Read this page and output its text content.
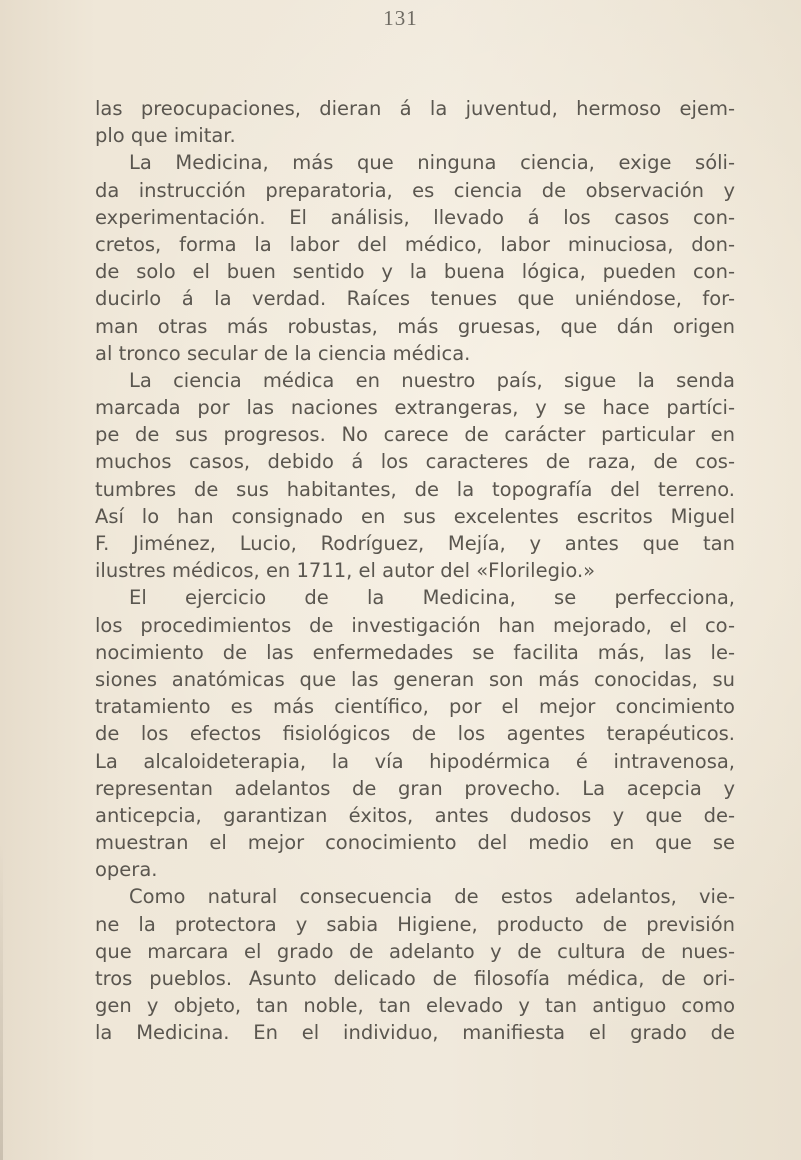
131
las preocupaciones, dieran á la juventud, hermoso ejem-
plo que imitar.
La Medicina, más que ninguna ciencia, exige sóli-
da instrucción preparatoria, es ciencia de observación y
experimentación. El análisis, llevado á los casos con-
cretos, forma la labor del médico, labor minuciosa, don-
de solo el buen sentido y la buena lógica, pueden con-
ducirlo á la verdad. Raíces tenues que uniéndose, for-
man otras más robustas, más gruesas, que dán origen
al tronco secular de la ciencia médica.
La ciencia médica en nuestro país, sigue la senda
marcada por las naciones extrangeras, y se hace partíci-
pe de sus progresos. No carece de carácter particular en
muchos casos, debido á los caracteres de raza, de cos-
tumbres de sus habitantes, de la topografía del terreno.
Así lo han consignado en sus excelentes escritos Miguel
F. Jiménez, Lucio, Rodríguez, Mejía, y antes que tan
ilustres médicos, en 1711, el autor del «Florilegio.»
El ejercicio de la Medicina, se perfecciona,
los procedimientos de investigación han mejorado, el co-
nocimiento de las enfermedades se facilita más, las le-
siones anatómicas que las generan son más conocidas, su
tratamiento es más científico, por el mejor concimiento
de los efectos fisiológicos de los agentes terapéuticos.
La alcaloideterapia, la vía hipodérmica é intravenosa,
representan adelantos de gran provecho. La acepcia y
anticepcia, garantizan éxitos, antes dudosos y que de-
muestran el mejor conocimiento del medio en que se
opera.
Como natural consecuencia de estos adelantos, vie-
ne la protectora y sabia Higiene, producto de previsión
que marcara el grado de adelanto y de cultura de nues-
tros pueblos. Asunto delicado de filosofía médica, de ori-
gen y objeto, tan noble, tan elevado y tan antiguo como
la Medicina. En el individuo, manifiesta el grado de
